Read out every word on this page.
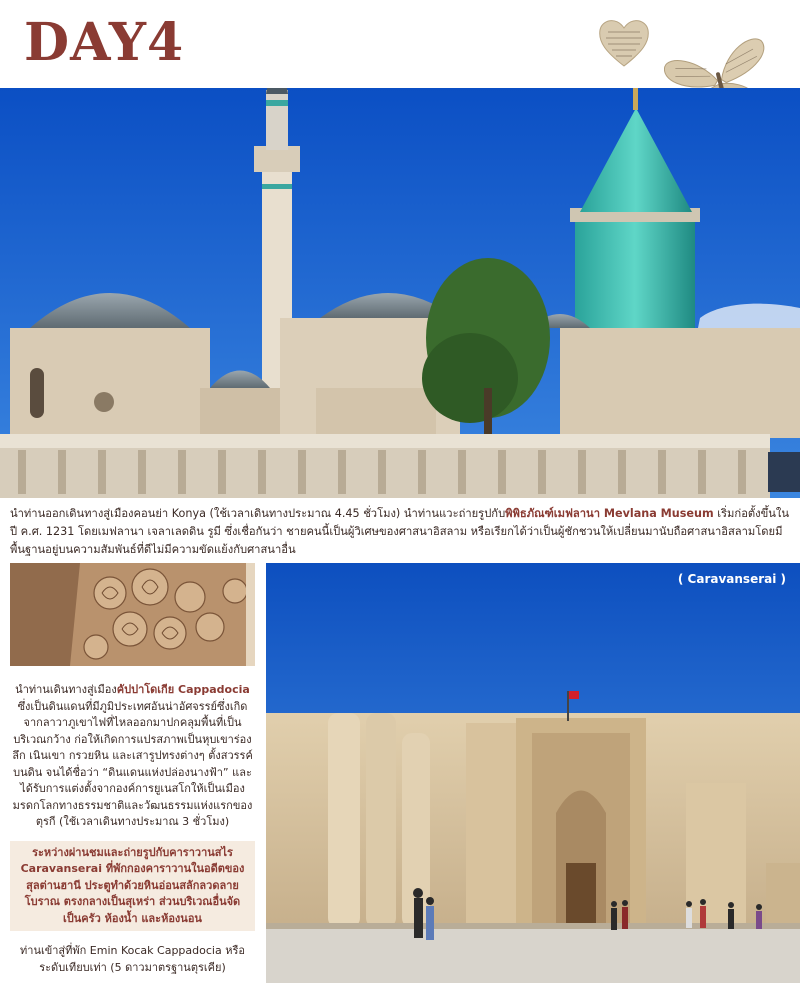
DAY4
นำท่านออกเดินทางสู่เมืองคอนย่า Konya (ใช้เวลาเดินทางประมาณ 4.45 ชั่วโมง) นำท่านแวะถ่ายรูปกับพิพิธภัณฑ์เมฟลานา Mevlana Museum เริ่มก่อตั้งขึ้นในปี ค.ศ. 1231 โดยเมฟลานา เจลาเลดดิน รูมี ซึ่งเชื่อกันว่า ชายคนนี้เป็นผู้วิเศษของศาสนาอิสลาม หรือเรียกได้ว่าเป็นผู้ชักชวนให้เปลี่ยนมานับถือศาสนาอิสลามโดยมีพื้นฐานอยู่บนความสัมพันธ์ที่ดีไม่มีความขัดแย้งกับศาสนาอื่น

นำท่านเดินทางสู่เมืองคัปปาโดเกีย Cappadocia ซึ่งเป็นดินแดนที่มีภูมิประเทศอันน่าอัศจรรย์ซึ่งเกิดจากลาวาภูเขาไฟที่ไหลออกมาปกคลุมพื้นที่เป็นบริเวณกว้าง ก่อให้เกิดการแปรสภาพเป็นหุบเขาร่องลึก เนินเขา กรวยหิน และเสารูปทรงต่างๆ ตั้งสวรรค์บนดิน จนได้ชื่อว่า “ดินแดนแห่งปล่องนางฟ้า” และได้รับการแต่งตั้งจากองค์การยูเนสโกให้เป็นเมืองมรดกโลกทางธรรมชาติและวัฒนธรรมแห่งแรกของตุรกี (ใช้เวลาเดินทางประมาณ 3 ชั่วโมง)

ระหว่างผ่านชมและถ่ายรูปกับคาราวานสไร Caravanserai ที่พักกองคาราวานในอดีตของสุลต่านฮานี ประตูทำด้วยหินอ่อนสลักลวดลายโบราณ ตรงกลางเป็นสุเหร่า ส่วนบริเวณอื่นจัดเป็นครัว ห้องน้ำ และห้องนอน

ท่านเข้าสู่ที่พัก Emin Kocak Cappadocia หรือระดับเทียบเท่า (5 ดาวมาตรฐานตุรเคีย)

( Caravanserai )
